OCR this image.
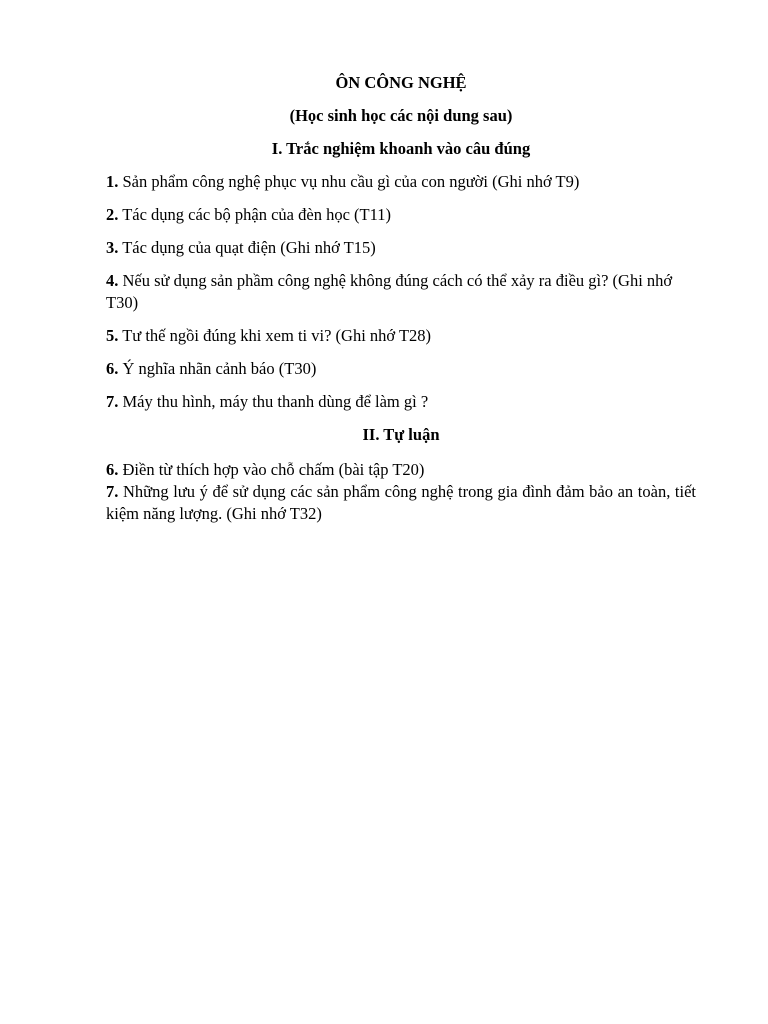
ÔN CÔNG NGHỆ

(Học sinh học các nội dung sau)

I. Trắc nghiệm khoanh vào câu đúng

1. Sản phẩm công nghệ phục vụ nhu cầu gì của con người (Ghi nhớ T9)

2. Tác dụng các bộ phận của đèn học (T11)

3. Tác dụng của quạt điện (Ghi nhớ T15)

4. Nếu sử dụng sản phầm công nghệ không đúng cách có thể xảy ra điều gì? (Ghi nhớ T30)

5. Tư thế ngồi đúng khi xem ti vi? (Ghi nhớ T28)

6. Ý nghĩa nhãn cảnh báo (T30)

7. Máy thu hình, máy thu thanh dùng để làm gì ?

II. Tự luận

6. Điền từ thích hợp vào chỗ chấm (bài tập T20)

7. Những lưu ý để sử dụng các sản phẩm công nghệ trong gia đình đảm bảo an toàn, tiết kiệm năng lượng. (Ghi nhớ T32)
